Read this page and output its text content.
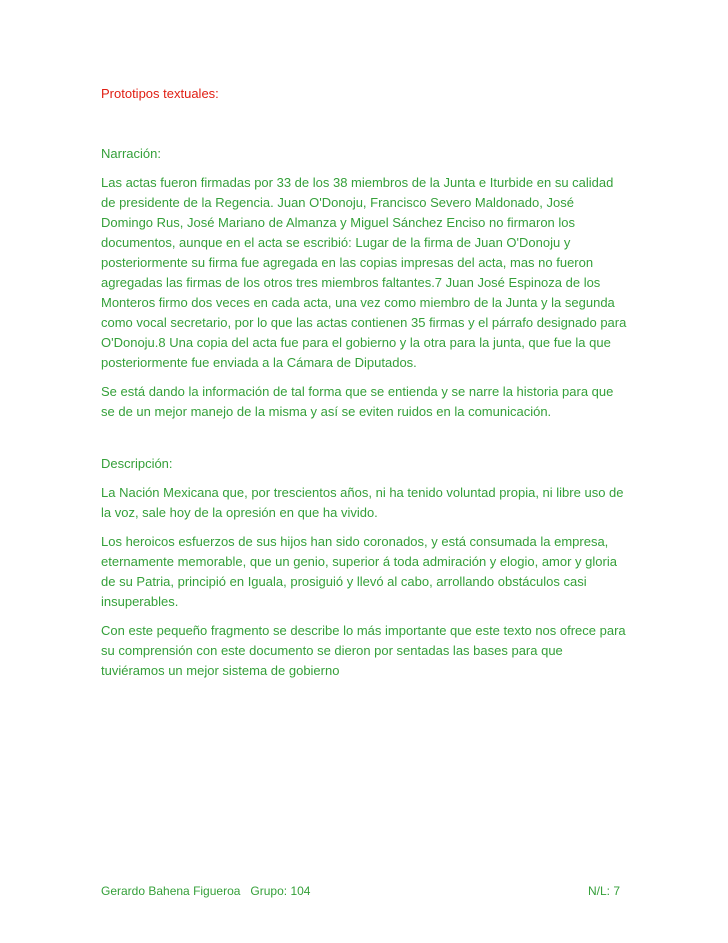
Prototipos textuales:

Narración:

Las actas fueron firmadas por 33 de los 38 miembros de la Junta e Iturbide en su calidad de presidente de la Regencia. Juan O'Donoju, Francisco Severo Maldonado, José Domingo Rus, José Mariano de Almanza y Miguel Sánchez Enciso no firmaron los documentos, aunque en el acta se escribió: Lugar de la firma de Juan O'Donoju y posteriormente su firma fue agregada en las copias impresas del acta, mas no fueron agregadas las firmas de los otros tres miembros faltantes.7 Juan José Espinoza de los Monteros firmo dos veces en cada acta, una vez como miembro de la Junta y la segunda como vocal secretario, por lo que las actas contienen 35 firmas y el párrafo designado para O'Donoju.8 Una copia del acta fue para el gobierno y la otra para la junta, que fue la que posteriormente fue enviada a la Cámara de Diputados.

Se está dando la información de tal forma que se entienda y se narre la historia para que se de un mejor manejo de la misma y así se eviten ruidos en la comunicación.

Descripción:

La Nación Mexicana que, por trescientos años, ni ha tenido voluntad propia, ni libre uso de la voz, sale hoy de la opresión en que ha vivido.

Los heroicos esfuerzos de sus hijos han sido coronados, y está consumada la empresa, eternamente memorable, que un genio, superior á toda admiración y elogio, amor y gloria de su Patria, principió en Iguala, prosiguió y llevó al cabo, arrollando obstáculos casi insuperables.

Con este pequeño fragmento se describe lo más importante que este texto nos ofrece para su comprensión con este documento se dieron por sentadas las bases para que tuviéramos un mejor sistema de gobierno

Gerardo Bahena Figueroa   Grupo: 104	N/L: 7
